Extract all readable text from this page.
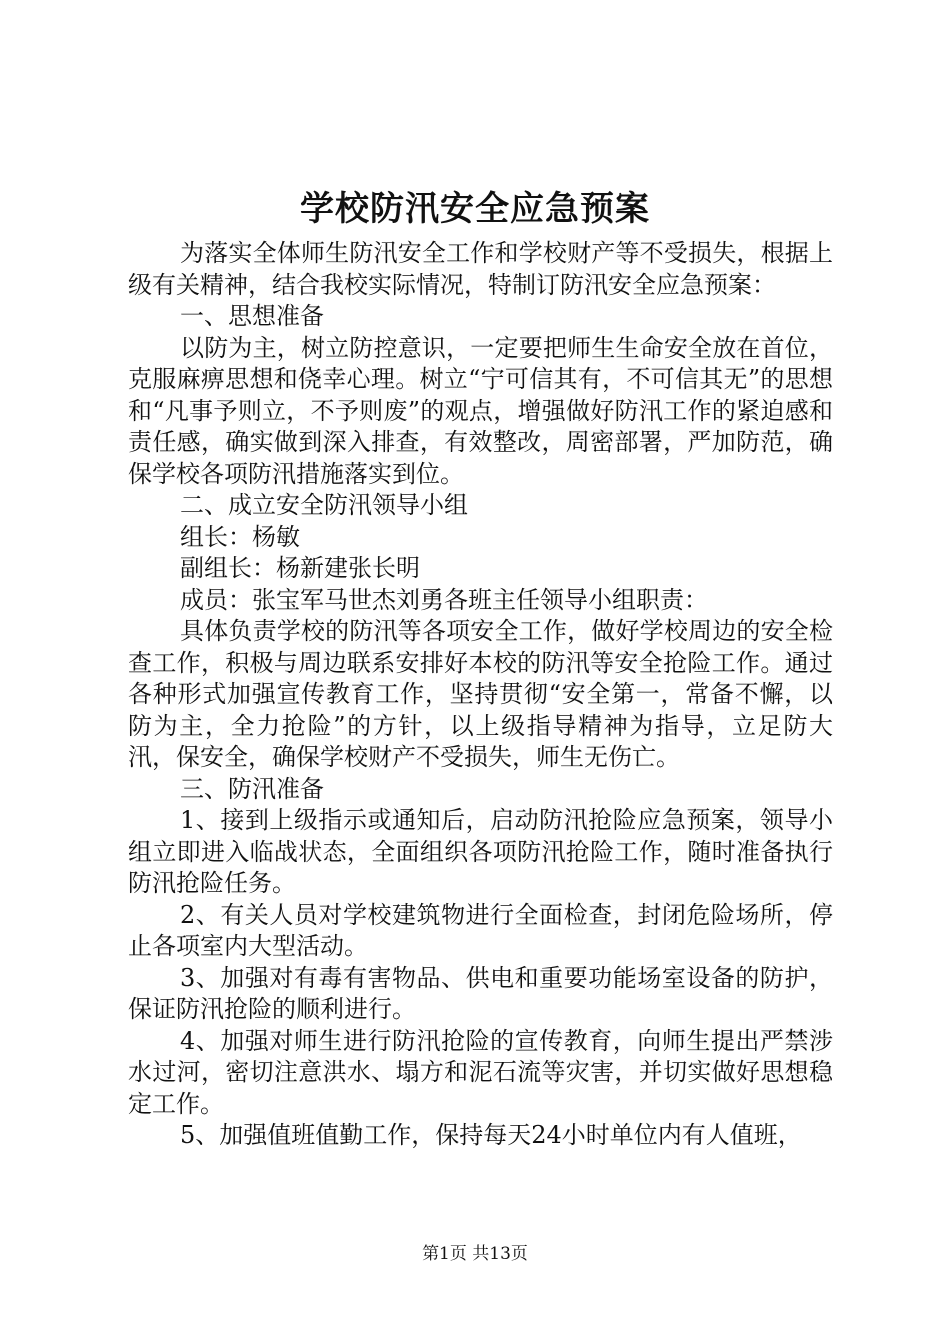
学校防汛安全应急预案

为落实全体师生防汛安全工作和学校财产等不受损失，根据上级有关精神，结合我校实际情况，特制订防汛安全应急预案：

一、思想准备

以防为主，树立防控意识，一定要把师生生命安全放在首位，克服麻痹思想和侥幸心理。树立“宁可信其有，不可信其无”的思想和“凡事予则立，不予则废”的观点，增强做好防汛工作的紧迫感和责任感，确实做到深入排查，有效整改，周密部署，严加防范，确保学校各项防汛措施落实到位。

二、成立安全防汛领导小组

组长：杨敏

副组长：杨新建张长明

成员：张宝军马世杰刘勇各班主任领导小组职责：

具体负责学校的防汛等各项安全工作，做好学校周边的安全检查工作，积极与周边联系安排好本校的防汛等安全抢险工作。通过各种形式加强宣传教育工作，坚持贯彻“安全第一，常备不懈，以防为主，全力抢险”的方针，以上级指导精神为指导，立足防大汛，保安全，确保学校财产不受损失，师生无伤亡。

三、防汛准备

1、接到上级指示或通知后，启动防汛抢险应急预案，领导小组立即进入临战状态，全面组织各项防汛抢险工作，随时准备执行防汛抢险任务。

2、有关人员对学校建筑物进行全面检查，封闭危险场所，停止各项室内大型活动。

3、加强对有毒有害物品、供电和重要功能场室设备的防护，保证防汛抢险的顺利进行。

4、加强对师生进行防汛抢险的宣传教育，向师生提出严禁涉水过河，密切注意洪水、塌方和泥石流等灾害，并切实做好思想稳定工作。

5、加强值班值勤工作，保持每天24小时单位内有人值班，

第1页 共13页
